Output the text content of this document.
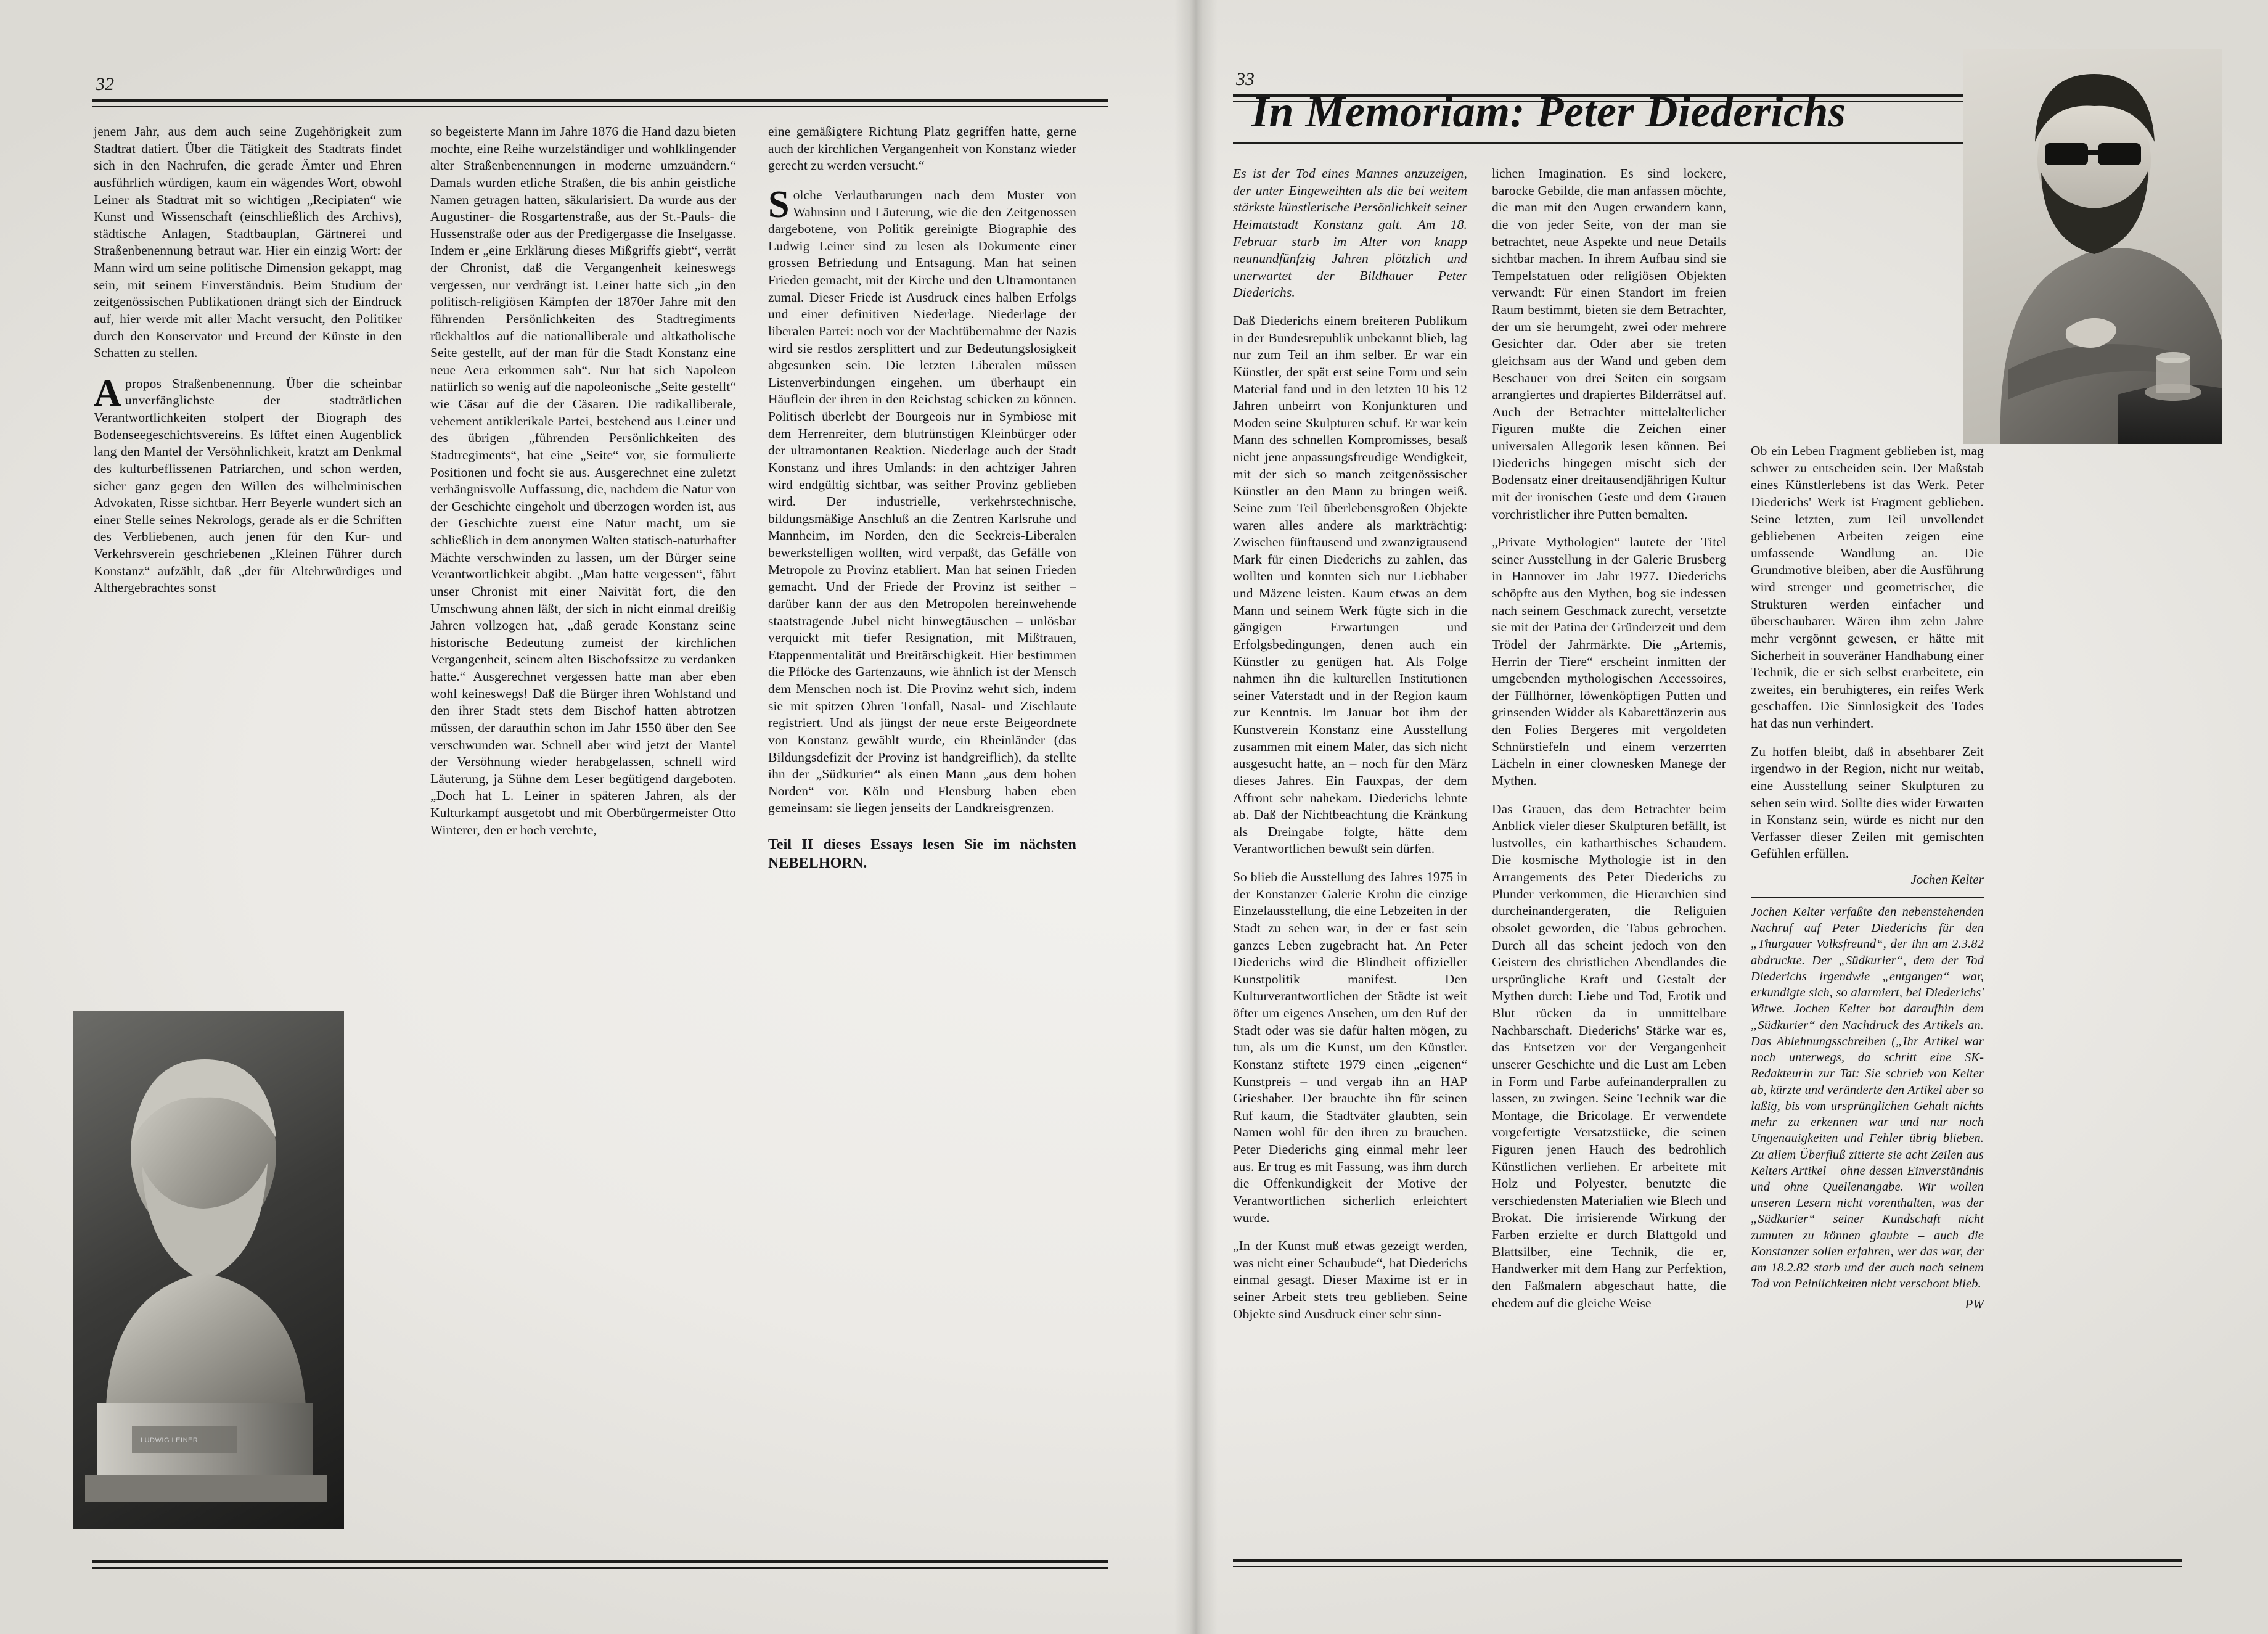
32

jenem Jahr, aus dem auch seine Zugehörigkeit zum Stadtrat datiert. Über die Tätigkeit des Stadtrats findet sich in den Nachrufen, die gerade Ämter und Ehren ausführlich würdigen, kaum ein wägendes Wort, obwohl Leiner als Stadtrat mit so wichtigen „Recipiaten“ wie Kunst und Wissenschaft (einschließlich des Archivs), städtische Anlagen, Stadtbauplan, Gärtnerei und Straßenbenennung betraut war. Hier ein einzig Wort: der Mann wird um seine politische Dimension gekappt, mag sein, mit seinem Einverständnis. Beim Studium der zeitgenössischen Publikationen drängt sich der Eindruck auf, hier werde mit aller Macht versucht, den Politiker durch den Konservator und Freund der Künste in den Schatten zu stellen.

A propos Straßenbenennung. Über die scheinbar unverfänglichste der stadträtlichen Verantwortlichkeiten stolpert der Biograph des Bodenseegeschichtsvereins. Es lüftet einen Augenblick lang den Mantel der Versöhnlichkeit, kratzt am Denkmal des kulturbeflissenen Patriarchen, und schon werden, sicher ganz gegen den Willen des wilhelminischen Advokaten, Risse sichtbar. Herr Beyerle wundert sich an einer Stelle seines Nekrologs, gerade als er die Schriften des Verbliebenen, auch jenen für den Kur- und Verkehrsverein geschriebenen „Kleinen Führer durch Konstanz“ aufzählt, daß „der für Altehrwürdiges und Althergebrachtes sonst
LUDWIG LEINER

so begeisterte Mann im Jahre 1876 die Hand dazu bieten mochte, eine Reihe wurzelständiger und wohlklingender alter Straßenbenennungen in moderne umzuändern.“ Damals wurden etliche Straßen, die bis anhin geistliche Namen getragen hatten, säkularisiert. Da wurde aus der Augustiner- die Rosgartenstraße, aus der St.-Pauls- die Hussenstraße oder aus der Predigergasse die Inselgasse. Indem er „eine Erklärung dieses Mißgriffs giebt“, verrät der Chronist, daß die Vergangenheit keineswegs vergessen, nur verdrängt ist. Leiner hatte sich „in den politisch-religiösen Kämpfen der 1870er Jahre mit den führenden Persönlichkeiten des Stadtregiments rückhaltlos auf die nationalliberale und altkatholische Seite gestellt, auf der man für die Stadt Konstanz eine neue Aera erkommen sah“. Nur hat sich Napoleon natürlich so wenig auf die napoleonische „Seite gestellt“ wie Cäsar auf die der Cäsaren. Die radikalliberale, vehement antiklerikale Partei, bestehend aus Leiner und des übrigen „führenden Persönlichkeiten des Stadtregiments“, hat eine „Seite“ vor, sie formulierte Positionen und focht sie aus. Ausgerechnet eine zuletzt verhängnisvolle Auffassung, die, nachdem die Natur von der Geschichte eingeholt und überzogen worden ist, aus der Geschichte zuerst eine Natur macht, um sie schließlich in dem anonymen Walten statisch-naturhafter Mächte verschwinden zu lassen, um der Bürger seine Verantwortlichkeit abgibt. „Man hatte vergessen“, fährt unser Chronist mit einer Naivität fort, die den Umschwung ahnen läßt, der sich in nicht einmal dreißig Jahren vollzogen hat, „daß gerade Konstanz seine historische Bedeutung zumeist der kirchlichen Vergangenheit, seinem alten Bischofssitze zu verdanken hatte.“ Ausgerechnet vergessen hatte man aber eben wohl keineswegs! Daß die Bürger ihren Wohlstand und den ihrer Stadt stets dem Bischof hatten abtrotzen müssen, der daraufhin schon im Jahr 1550 über den See verschwunden war. Schnell aber wird jetzt der Mantel der Versöhnung wieder herabgelassen, schnell wird Läuterung, ja Sühne dem Leser begütigend dargeboten. „Doch hat L. Leiner in späteren Jahren, als der Kulturkampf ausgetobt und mit Oberbürgermeister Otto Winterer, den er hoch verehrte,

eine gemäßigtere Richtung Platz gegriffen hatte, gerne auch der kirchlichen Vergangenheit von Konstanz wieder gerecht zu werden versucht.“

S olche Verlautbarungen nach dem Muster von Wahnsinn und Läuterung, wie die den Zeitgenossen dargebotene, von Politik gereinigte Biographie des Ludwig Leiner sind zu lesen als Dokumente einer grossen Befriedung und Entsagung. Man hat seinen Frieden gemacht, mit der Kirche und den Ultramontanen zumal. Dieser Friede ist Ausdruck eines halben Erfolgs und einer definitiven Niederlage. Niederlage der liberalen Partei: noch vor der Machtübernahme der Nazis wird sie restlos zersplittert und zur Bedeutungslosigkeit abgesunken sein. Die letzten Liberalen müssen Listenverbindungen eingehen, um überhaupt ein Häuflein der ihren in den Reichstag schicken zu können. Politisch überlebt der Bourgeois nur in Symbiose mit dem Herrenreiter, dem blutrünstigen Kleinbürger oder der ultramontanen Reaktion. Niederlage auch der Stadt Konstanz und ihres Umlands: in den achtziger Jahren wird endgültig sichtbar, was seither Provinz geblieben wird. Der industrielle, verkehrstechnische, bildungsmäßige Anschluß an die Zentren Karlsruhe und Mannheim, im Norden, den die Seekreis-Liberalen bewerkstelligen wollten, wird verpaßt, das Gefälle von Metropole zu Provinz etabliert. Man hat seinen Frieden gemacht. Und der Friede der Provinz ist seither – darüber kann der aus den Metropolen hereinwehende staatstragende Jubel nicht hinwegtäuschen – unlösbar verquickt mit tiefer Resignation, mit Mißtrauen, Etappenmentalität und Breitärschigkeit. Hier bestimmen die Pflöcke des Gartenzauns, wie ähnlich ist der Mensch dem Menschen noch ist. Die Provinz wehrt sich, indem sie mit spitzen Ohren Tonfall, Nasal- und Zischlaute registriert. Und als jüngst der neue erste Beigeordnete von Konstanz gewählt wurde, ein Rheinländer (das Bildungsdefizit der Provinz ist handgreiflich), da stellte ihn der „Südkurier“ als einen Mann „aus dem hohen Norden“ vor. Köln und Flensburg haben eben gemeinsam: sie liegen jenseits der Landkreisgrenzen.

Teil II dieses Essays lesen Sie im nächsten NEBELHORN.

33
In Memoriam: Peter Diederichs

Es ist der Tod eines Mannes anzuzeigen, der unter Eingeweihten als die bei weitem stärkste künstlerische Persönlichkeit seiner Heimatstadt Konstanz galt. Am 18. Februar starb im Alter von knapp neunundfünfzig Jahren plötzlich und unerwartet der Bildhauer Peter Diederichs.

Daß Diederichs einem breiteren Publikum in der Bundesrepublik unbekannt blieb, lag nur zum Teil an ihm selber. Er war ein Künstler, der spät erst seine Form und sein Material fand und in den letzten 10 bis 12 Jahren unbeirrt von Konjunkturen und Moden seine Skulpturen schuf. Er war kein Mann des schnellen Kompromisses, besaß nicht jene anpassungsfreudige Wendigkeit, mit der sich so manch zeitgenössischer Künstler an den Mann zu bringen weiß. Seine zum Teil überlebensgroßen Objekte waren alles andere als markträchtig: Zwischen fünftausend und zwanzigtausend Mark für einen Diederichs zu zahlen, das wollten und konnten sich nur Liebhaber und Mäzene leisten. Kaum etwas an dem Mann und seinem Werk fügte sich in die gängigen Erwartungen und Erfolgsbedingungen, denen auch ein Künstler zu genügen hat. Als Folge nahmen ihn die kulturellen Institutionen seiner Vaterstadt und in der Region kaum zur Kenntnis. Im Januar bot ihm der Kunstverein Konstanz eine Ausstellung zusammen mit einem Maler, das sich nicht ausgesucht hatte, an – noch für den März dieses Jahres. Ein Fauxpas, der dem Affront sehr nahekam. Diederichs lehnte ab. Daß der Nichtbeachtung die Kränkung als Dreingabe folgte, hätte dem Verantwortlichen bewußt sein dürfen.

So blieb die Ausstellung des Jahres 1975 in der Konstanzer Galerie Krohn die einzige Einzelausstellung, die eine Lebzeiten in der Stadt zu sehen war, in der er fast sein ganzes Leben zugebracht hat. An Peter Diederichs wird die Blindheit offizieller Kunstpolitik manifest. Den Kulturverantwortlichen der Städte ist weit öfter um eigenes Ansehen, um den Ruf der Stadt oder was sie dafür halten mögen, zu tun, als um die Kunst, um den Künstler. Konstanz stiftete 1979 einen „eigenen“ Kunstpreis – und vergab ihn an HAP Grieshaber. Der brauchte ihn für seinen Ruf kaum, die Stadtväter glaubten, sein Namen wohl für den ihren zu brauchen. Peter Diederichs ging einmal mehr leer aus. Er trug es mit Fassung, was ihm durch die Offenkundigkeit der Motive der Verantwortlichen sicherlich erleichtert wurde.

„In der Kunst muß etwas gezeigt werden, was nicht einer Schaubude“, hat Diederichs einmal gesagt. Dieser Maxime ist er in seiner Arbeit stets treu geblieben. Seine Objekte sind Ausdruck einer sehr sinn-

lichen Imagination. Es sind lockere, barocke Gebilde, die man anfassen möchte, die man mit den Augen erwandern kann, die von jeder Seite, von der man sie betrachtet, neue Aspekte und neue Details sichtbar machen. In ihrem Aufbau sind sie Tempelstatuen oder religiösen Objekten verwandt: Für einen Standort im freien Raum bestimmt, bieten sie dem Betrachter, der um sie herumgeht, zwei oder mehrere Gesichter dar. Oder aber sie treten gleichsam aus der Wand und geben dem Beschauer von drei Seiten ein sorgsam arrangiertes und drapiertes Bilderrätsel auf. Auch der Betrachter mittelalterlicher Figuren mußte die Zeichen einer universalen Allegorik lesen können. Bei Diederichs hingegen mischt sich der Bodensatz einer dreitausendjährigen Kultur mit der ironischen Geste und dem Grauen vorchristlicher ihre Putten bemalten.

„Private Mythologien“ lautete der Titel seiner Ausstellung in der Galerie Brusberg in Hannover im Jahr 1977. Diederichs schöpfte aus den Mythen, bog sie indessen nach seinem Geschmack zurecht, versetzte sie mit der Patina der Gründerzeit und dem Trödel der Jahrmärkte. Die „Artemis, Herrin der Tiere“ erscheint inmitten der umgebenden mythologischen Accessoires, der Füllhörner, löwenköpfigen Putten und grinsenden Widder als Kabarettänzerin aus den Folies Bergeres mit vergoldeten Schnürstiefeln und einem verzerrten Lächeln in einer clownesken Manege der Mythen.

Das Grauen, das dem Betrachter beim Anblick vieler dieser Skulpturen befällt, ist lustvolles, ein katharthisches Schaudern. Die kosmische Mythologie ist in den Arrangements des Peter Diederichs zu Plunder verkommen, die Hierarchien sind durcheinandergeraten, die Religuien obsolet geworden, die Tabus gebrochen. Durch all das scheint jedoch von den Geistern des christlichen Abendlandes die ursprüngliche Kraft und Gestalt der Mythen durch: Liebe und Tod, Erotik und Blut rücken da in unmittelbare Nachbarschaft. Diederichs' Stärke war es, das Entsetzen vor der Vergangenheit unserer Geschichte und die Lust am Leben in Form und Farbe aufeinanderprallen zu lassen, zu zwingen. Seine Technik war die Montage, die Bricolage. Er verwendete vorgefertigte Versatzstücke, die seinen Figuren jenen Hauch des bedrohlich Künstlichen verliehen. Er arbeitete mit Holz und Polyester, benutzte die verschiedensten Materialien wie Blech und Brokat. Die irrisierende Wirkung der Farben erzielte er durch Blattgold und Blattsilber, eine Technik, die er, Handwerker mit dem Hang zur Perfektion, den Faßmalern abgeschaut hatte, die ehedem auf die gleiche Weise

Ob ein Leben Fragment geblieben ist, mag schwer zu entscheiden sein. Der Maßstab eines Künstlerlebens ist das Werk. Peter Diederichs' Werk ist Fragment geblieben. Seine letzten, zum Teil unvollendet gebliebenen Arbeiten zeigen eine umfassende Wandlung an. Die Grundmotive bleiben, aber die Ausführung wird strenger und geometrischer, die Strukturen werden einfacher und überschaubarer. Wären ihm zehn Jahre mehr vergönnt gewesen, er hätte mit Sicherheit in souveräner Handhabung einer Technik, die er sich selbst erarbeitete, ein zweites, ein beruhigteres, ein reifes Werk geschaffen. Die Sinnlosigkeit des Todes hat das nun verhindert.

Zu hoffen bleibt, daß in absehbarer Zeit irgendwo in der Region, nicht nur weitab, eine Ausstellung seiner Skulpturen zu sehen sein wird. Sollte dies wider Erwarten in Konstanz sein, würde es nicht nur den Verfasser dieser Zeilen mit gemischten Gefühlen erfüllen.

Jochen Kelter

Jochen Kelter verfaßte den nebenstehenden Nachruf auf Peter Diederichs für den „Thurgauer Volksfreund“, der ihn am 2.3.82 abdruckte. Der „Südkurier“, dem der Tod Diederichs irgendwie „entgangen“ war, erkundigte sich, so alarmiert, bei Diederichs' Witwe. Jochen Kelter bot daraufhin dem „Südkurier“ den Nachdruck des Artikels an. Das Ablehnungsschreiben („Ihr Artikel war noch unterwegs, da schritt eine SK-Redakteurin zur Tat: Sie schrieb von Kelter ab, kürzte und veränderte den Artikel aber so laßig, bis vom ursprünglichen Gehalt nichts mehr zu erkennen war und nur noch Ungenauigkeiten und Fehler übrig blieben. Zu allem Überfluß zitierte sie acht Zeilen aus Kelters Artikel – ohne dessen Einverständnis und ohne Quellenangabe. Wir wollen unseren Lesern nicht vorenthalten, was der „Südkurier“ seiner Kundschaft nicht zumuten zu können glaubte – auch die Konstanzer sollen erfahren, wer das war, der am 18.2.82 starb und der auch nach seinem Tod von Peinlichkeiten nicht verschont blieb.

PW
